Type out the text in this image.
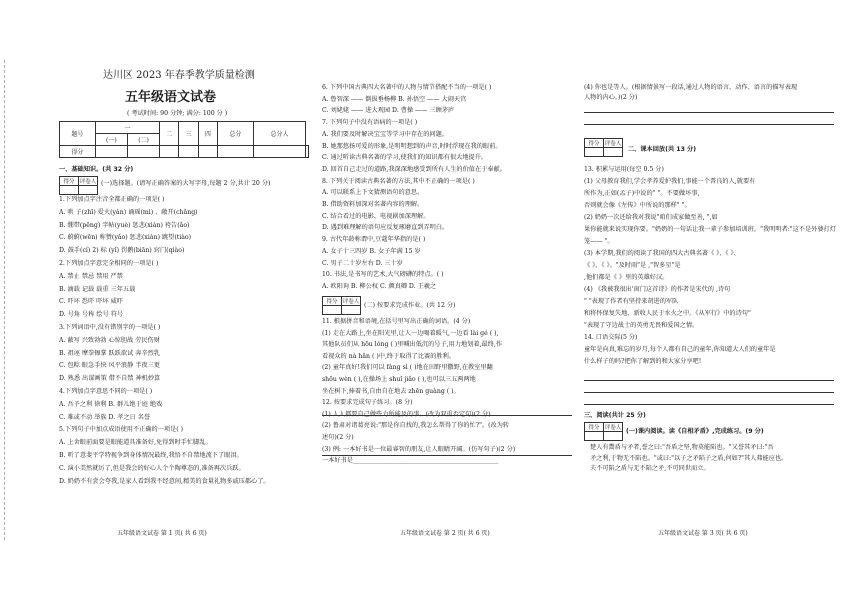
达川区 2023 年春季教学质量检测
五年级语文试卷
( 考试时间: 90 分钟; 满分: 100 分 )
题号	一		二	三	四	总分	总分人	
	(一)	(二)						
得分								
一、基础知识。(共 32 分)
得分	评卷人
	(一)选择题。(请写正确答案的大写字母,每题 2 分,共计 20 分)
1.下列加点字注音全都正确的一项是( )
A. 哄 子(zhī) 爱火(yàn) 诵瑶(mì) 、敞开(chǎng)
B. 绷带(pēng) 字帖(yuè) 惩悲(xiàn) 袴告(ǎo)
C. 蔚蔚(wēn) 称赞(yǎo) 惩悲(xiàn) 跳望(tiào)
D. 鼓手(cí) 2) 标 (yǐ) 罚鹅(biān) 窍门(qiào)
2.下列加点字意完全相同的一项是( )
A. 禁止 禁忌 禁用 严禁
B. 滴载 记载 载重 三年五载
C. 吓坏 恐吓 吓坏 威吓
D. 号角 号称 绘号 符号
3.下列词语中,没有错别字的一项是( )
A. 蔽写 兴致勃勃 心惊胆战 劳民伤财
B. 祖诬 摩拳擦掌 跃跃欲试 奔辛烈乳
C. 包粽 眼急手快 风平浪静 半夜三更
D. 熟悉 出谋画策 借不自禁 神机妙算
4.下列加点字意思不同的一项是( )
A. 吾予之利 徐利 B. 群儿绝于庭 绝戏
C. 难或不动 举族 D. 孝之日 名誉
5.下列句子中加点成语使用不正确的一项是( )
A. 上舍眼前面要是眼能道具准备好,免得到时手忙脚乱。
B. 听了意斐平学特视争到身体情况最终,我悟不自禁地流下了眼泪。
C. 演小美然就厉了,但是我会的好心人个个陶尊态的,准备再次兵跃。
D. 奶奶不有尝会夸我,是家人看到我不经意间,精美的食量礼物多戚压都心了。
五年级语文试卷 第 1 页( 共 6 页)
6. 下列中国古典四大名著中的人物与情节搭配不当的一项是( )
A. 鲁智深 —— 倒拔垂杨柳 B. 孙悟空 —— 大闹天宫
C. 刘姥姥 —— 进大观园 D. 曹操 —— 三顾茅庐
7. 下列句子中没有语病的一项是( )
A. 我们要及时解决宝宝等学习中存在的问题。
B. 她那悠扬可爱的形象,是明明想到的声音,时时浮现在我的眼前。
C. 通过听读古典名著的学习,使我们的知识都有很大地提升。
D. 回首自己走过的道路,我深深地感受到所有人生的价值在于奉献。
8. 下列关于阅读古典名著的方法,其中不正确的一项是( )
A. 可以联系上下文猜测语句的意思。
B. 借助资料加深对名著内容的理解。
C. 结合看过的电影、电视剧加深理解。
D. 遇到难理解的语句应反复琢磨直到弄明白。
9. 古代年龄称谓中,豆蔻年华指的是( )
A. 女子十三四岁 B. 女子年满 15 岁
C. 男子二十岁左右 D. 三十岁
10. 书法,是书写的艺术,大气磅礴的特点。( )
A. 欧阳询 B. 柳公权 C. 颜真卿 D. 王羲之
得分	评卷人
	(二) 按要求完成作业。(共 12 分)
11. 根据拼音和语境,在括号里写出正确的词语。(4 分)
(1) 走在大路上,坐在阳光里,让人一边喝着暖气,一边看 lài gé ( ),
其他队员们从 hōu lóng ( )里喊出低沉的号子,用力地划着,最终,作
看视众的 nà hǎn ( )中,终于取得了比赛的胜利。
(2) 童年真好!我们可以 fàng sì ( )地在田野里撒野,在教室里翻
shōu wèn ( ),在操场上 shuǐ jiǎo ( ),也可以三五两两地
坐在树下,捧着书,自由自在地去 zhēn guàng ( )。
12. 按要求完成句子练习。(8 分)
(1) 人人都要自己做些力所能及的事。(改为双重否定句)(2 分)
(2) 鲁肃对诸葛亮说:"那是你自找的,我怎么帮得了你的忙?"。(改为转
述句)(2 分)
(3) 例: 一本好书是一位最睿智的朋友,让人眼睛开阔。(仿写句子)(2 分)
一本好书是_______________________________________________
五年级语文试卷 第 2 页( 共 6 页)
(4) 你也是等人。(根据情景写一段话,通过人物的语言、动作、语言的描写表现
人物的内心。)(2 分)
得分	评卷人

二、课本回放(共 13 分)
13. 积累与运用(每空 0.5 分)
(1) 父母教育我们,学会孝养爱护我们,事能一个普良的人,就要有
所作为,正如(孟子)中说的" "。不要做坏事,
否则就会像《左传》中所说的那样" "。
(2) 奶奶一次还给我对我说"咱们成家做至善, ",如
果你能就来说实现你要。"奶奶的一句话让我一辈子参加培训班。"我明明者:"这不是外婆打灯
笼—— "。
(3) 本学期,我们的阅读了我国的四大古典名著《 》、《 》、
《 》、《 》。"及时雨"是 ,"智多星"是
,他们都是《 》里的英雄好汉。
(4) 《我被我很出'窗门这首诗》的作者是宋代的 ,诗句
" "表现了作者有坚持来胡进的军队
和将怀保复失地、新收人民于水火之中。《从军行》中的诗句"
"表现了守边战士的英勇无畏和爱国之情。
14. 口语交际(5 分)
童年是向真,难忘的岁月,每个人都有自己的童年,你知道大人们的童年是
什么样子的吗?把你了解到的和大家分享吧!
三、阅读(共计 25 分)
得分	评卷人
	(一)课内阅读。读《自相矛盾》,完成练习。(9 分)
楚人有鬻盾与矛者,誉之曰:"吾盾之坚,物莫能陷也。"又誉其矛曰:"吾
矛之利,于物无不陷也。"或曰:"以子之矛陷子之盾,何如?"其人弗能应也。
夫不可陷之盾与无不陷之矛,不可同世而立。
五年级语文试卷 第 3 页( 共 6 页)
